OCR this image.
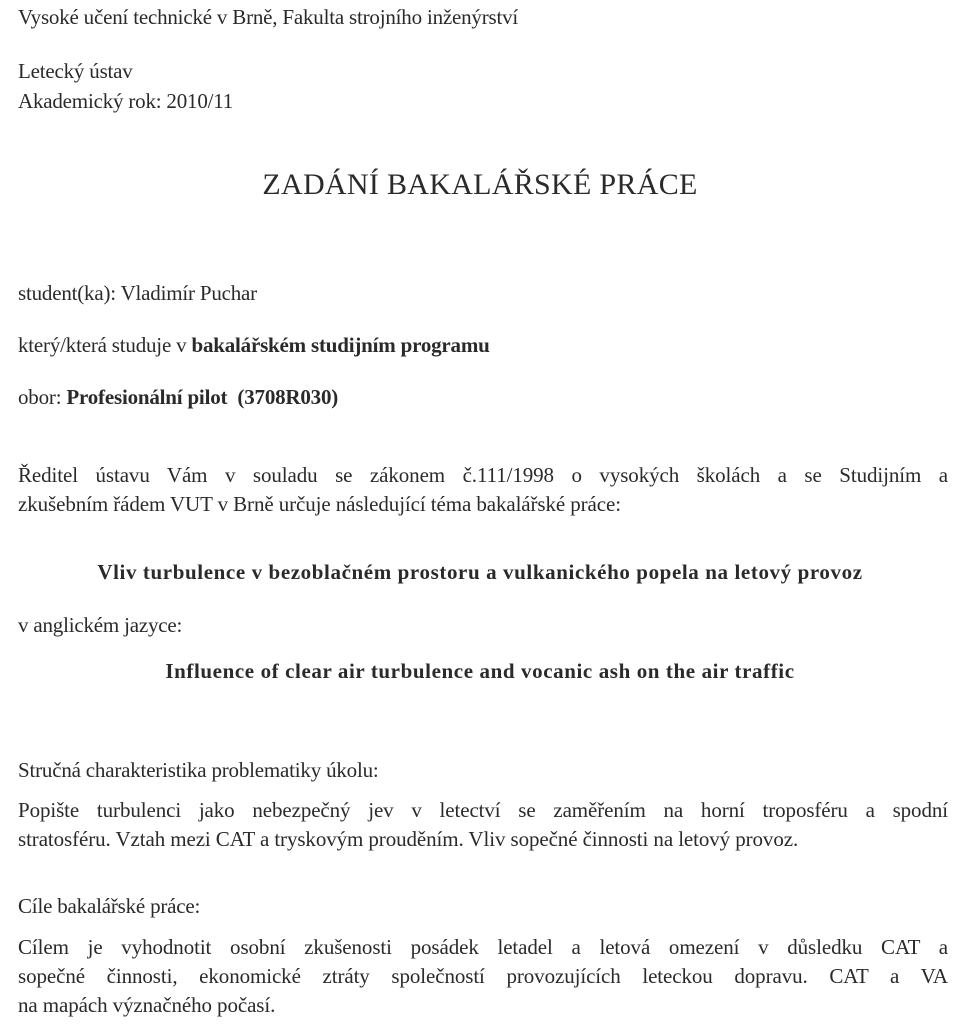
Vysoké učení technické v Brně, Fakulta strojního inženýrství
Letecký ústav
Akademický rok: 2010/11
ZADÁNÍ BAKALÁŘSKÉ PRÁCE
student(ka): Vladimír Puchar
který/která studuje v bakalářském studijním programu
obor: Profesionální pilot (3708R030)
Ředitel ústavu Vám v souladu se zákonem č.111/1998 o vysokých školách a se Studijním a
zkušebním řádem VUT v Brně určuje následující téma bakalářské práce:
Vliv turbulence v bezoblačném prostoru a vulkanického popela na letový provoz
v anglickém jazyce:
Influence of clear air turbulence and vocanic ash on the air traffic
Stručná charakteristika problematiky úkolu:
Popište turbulenci jako nebezpečný jev v letectví se zaměřením na horní troposféru a spodní
stratosféru. Vztah mezi CAT a tryskovým prouděním. Vliv sopečné činnosti na letový provoz.
Cíle bakalářské práce:
Cílem je vyhodnotit osobní zkušenosti posádek letadel a letová omezení v důsledku CAT a
sopečné činnosti, ekonomické ztráty společností provozujících leteckou dopravu. CAT a VA
na mapách význačného počasí.
